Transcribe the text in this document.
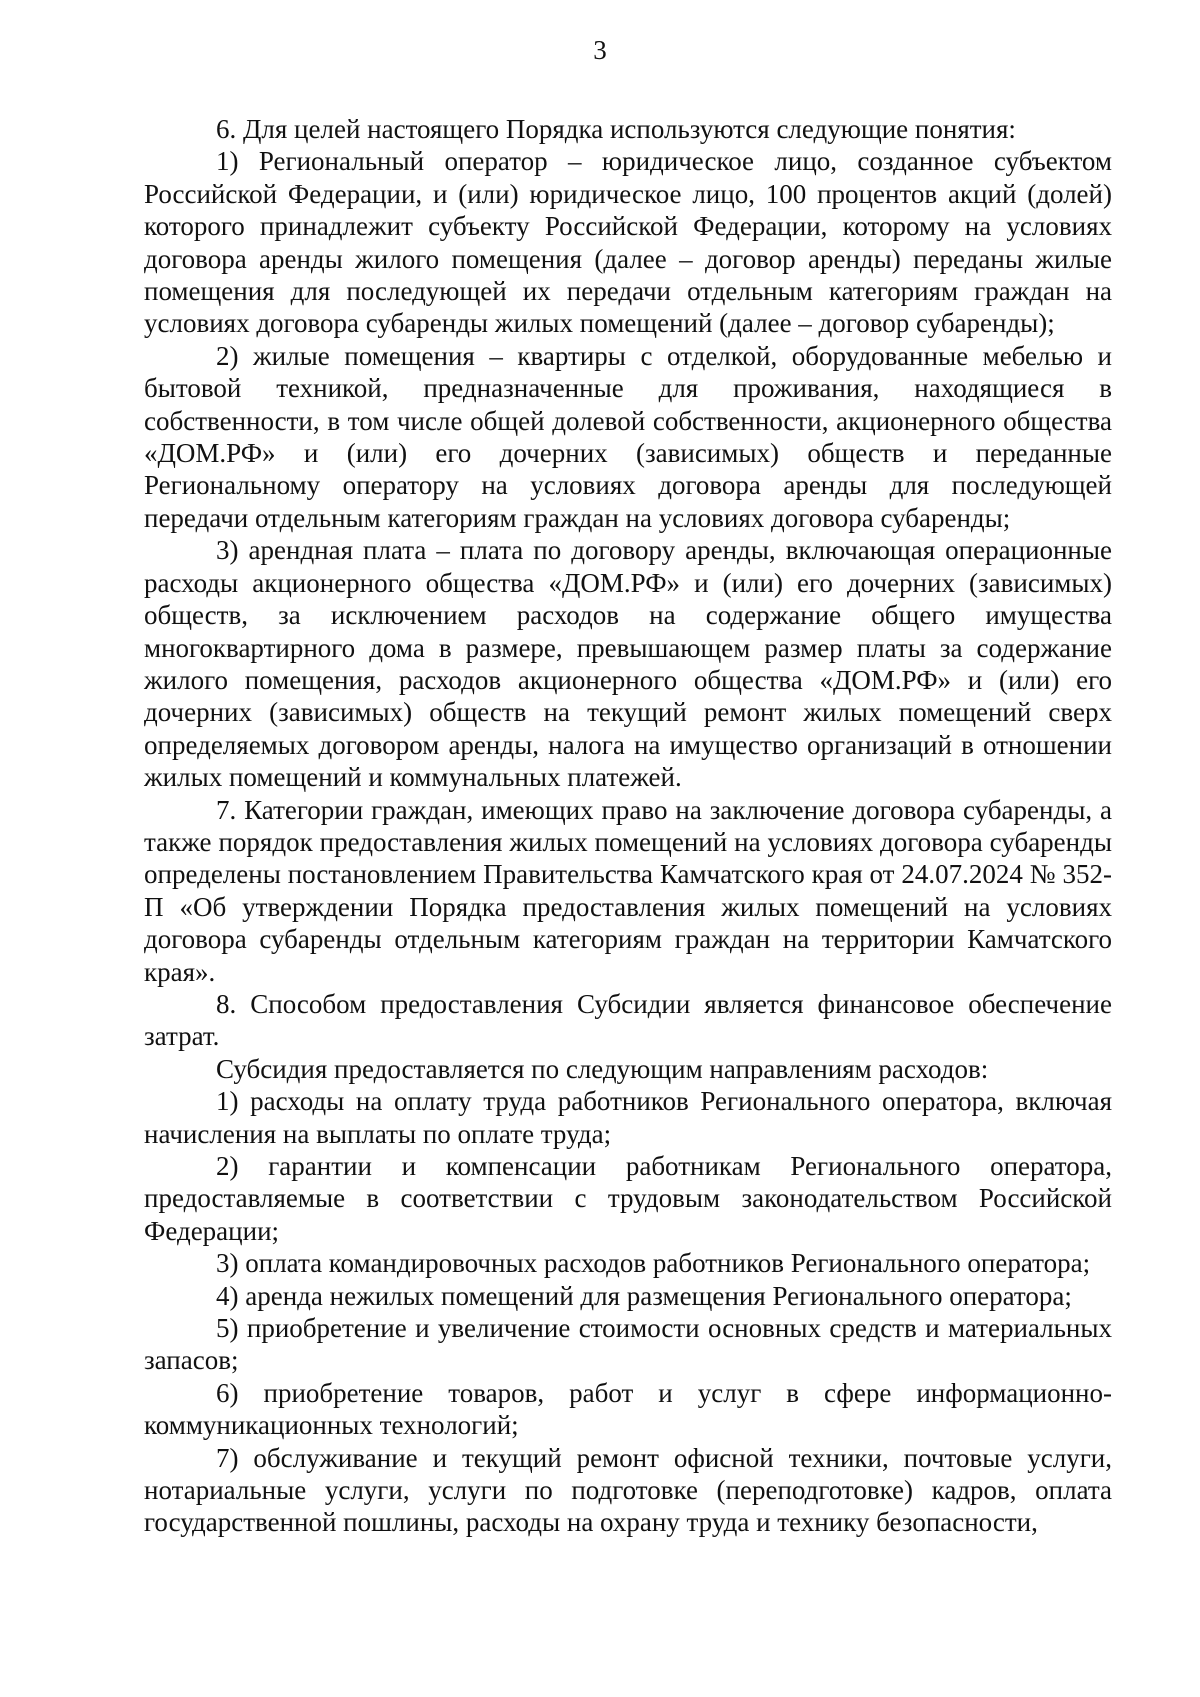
3

6. Для целей настоящего Порядка используются следующие понятия:

1) Региональный оператор – юридическое лицо, созданное субъектом Российской Федерации, и (или) юридическое лицо, 100 процентов акций (долей) которого принадлежит субъекту Российской Федерации, которому на условиях договора аренды жилого помещения (далее – договор аренды) переданы жилые помещения для последующей их передачи отдельным категориям граждан на условиях договора субаренды жилых помещений (далее – договор субаренды);

2) жилые помещения – квартиры с отделкой, оборудованные мебелью и бытовой техникой, предназначенные для проживания, находящиеся в собственности, в том числе общей долевой собственности, акционерного общества «ДОМ.РФ» и (или) его дочерних (зависимых) обществ и переданные Региональному оператору на условиях договора аренды для последующей передачи отдельным категориям граждан на условиях договора субаренды;

3) арендная плата – плата по договору аренды, включающая операционные расходы акционерного общества «ДОМ.РФ» и (или) его дочерних (зависимых) обществ, за исключением расходов на содержание общего имущества многоквартирного дома в размере, превышающем размер платы за содержание жилого помещения, расходов акционерного общества «ДОМ.РФ» и (или) его дочерних (зависимых) обществ на текущий ремонт жилых помещений сверх определяемых договором аренды, налога на имущество организаций в отношении жилых помещений и коммунальных платежей.

7. Категории граждан, имеющих право на заключение договора субаренды, а также порядок предоставления жилых помещений на условиях договора субаренды определены постановлением Правительства Камчатского края от 24.07.2024 № 352-П «Об утверждении Порядка предоставления жилых помещений на условиях договора субаренды отдельным категориям граждан на территории Камчатского края».

8. Способом предоставления Субсидии является финансовое обеспечение затрат.

Субсидия предоставляется по следующим направлениям расходов:

1) расходы на оплату труда работников Регионального оператора, включая начисления на выплаты по оплате труда;

2) гарантии и компенсации работникам Регионального оператора, предоставляемые в соответствии с трудовым законодательством Российской Федерации;

3) оплата командировочных расходов работников Регионального оператора;

4) аренда нежилых помещений для размещения Регионального оператора;

5) приобретение и увеличение стоимости основных средств и материальных запасов;

6) приобретение товаров, работ и услуг в сфере информационно-коммуникационных технологий;

7) обслуживание и текущий ремонт офисной техники, почтовые услуги, нотариальные услуги, услуги по подготовке (переподготовке) кадров, оплата государственной пошлины, расходы на охрану труда и технику безопасности,
